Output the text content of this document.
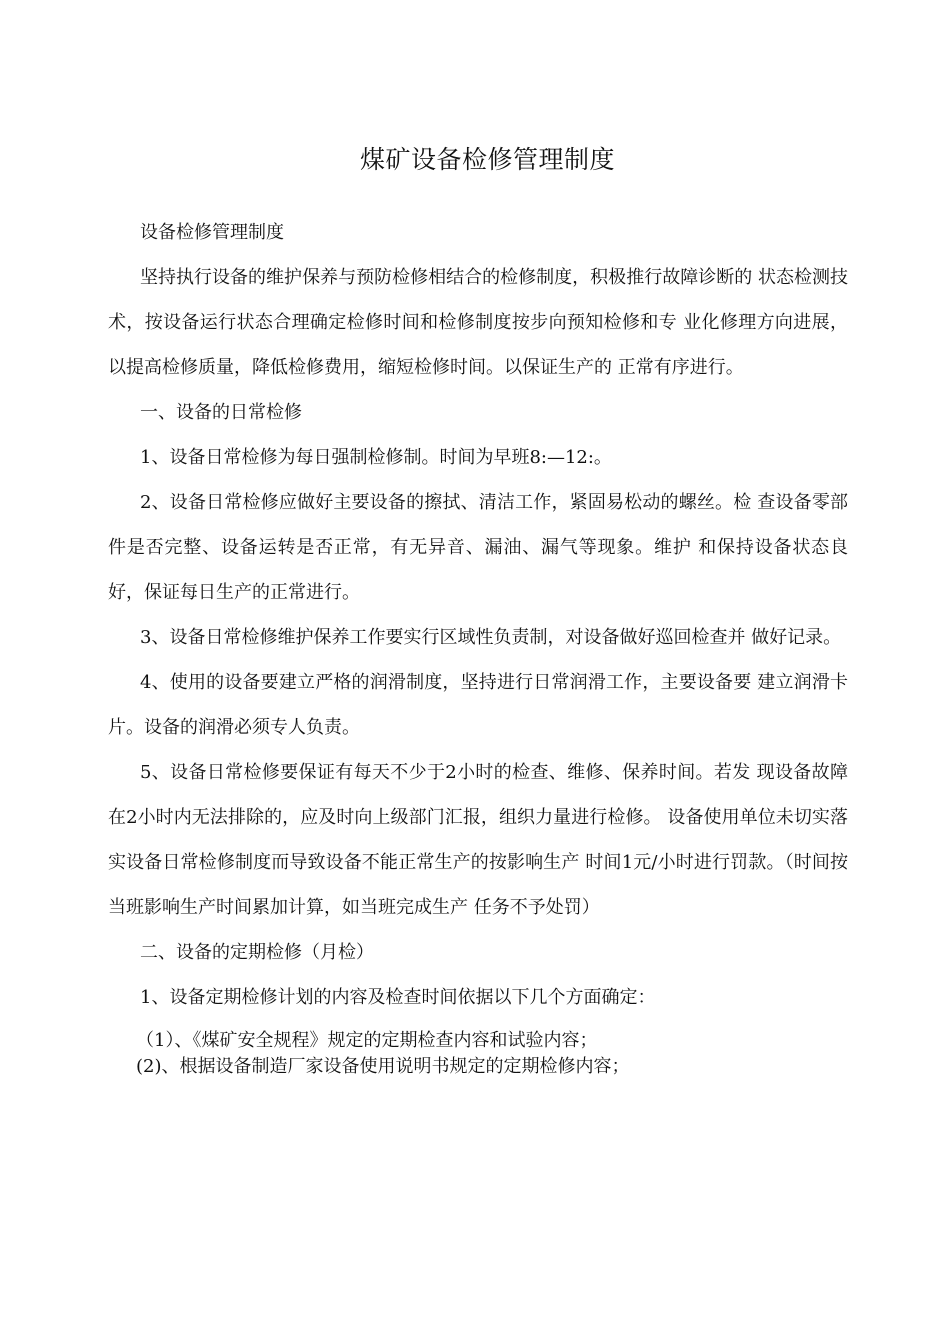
煤矿设备检修管理制度

设备检修管理制度

坚持执行设备的维护保养与预防检修相结合的检修制度，积极推行故障诊断的 状态检测技术，按设备运行状态合理确定检修时间和检修制度按步向预知检修和专 业化修理方向进展，以提高检修质量，降低检修费用，缩短检修时间。以保证生产的 正常有序进行。

一、设备的日常检修

1、设备日常检修为每日强制检修制。时间为早班8:—12:。

2、设备日常检修应做好主要设备的擦拭、清洁工作，紧固易松动的螺丝。检 查设备零部件是否完整、设备运转是否正常，有无异音、漏油、漏气等现象。维护 和保持设备状态良好，保证每日生产的正常进行。

3、设备日常检修维护保养工作要实行区域性负责制，对设备做好巡回检查并 做好记录。

4、使用的设备要建立严格的润滑制度，坚持进行日常润滑工作，主要设备要 建立润滑卡片。设备的润滑必须专人负责。

5、设备日常检修要保证有每天不少于2小时的检查、维修、保养时间。若发 现设备故障在2小时内无法排除的，应及时向上级部门汇报，组织力量进行检修。 设备使用单位未切实落实设备日常检修制度而导致设备不能正常生产的按影响生产 时间1元/小时进行罚款。（时间按当班影响生产时间累加计算，如当班完成生产 任务不予处罚）

二、设备的定期检修（月检）

1、设备定期检修计划的内容及检查时间依据以下几个方面确定：

（1）、《煤矿安全规程》规定的定期检查内容和试验内容；

(2)、根据设备制造厂家设备使用说明书规定的定期检修内容；
